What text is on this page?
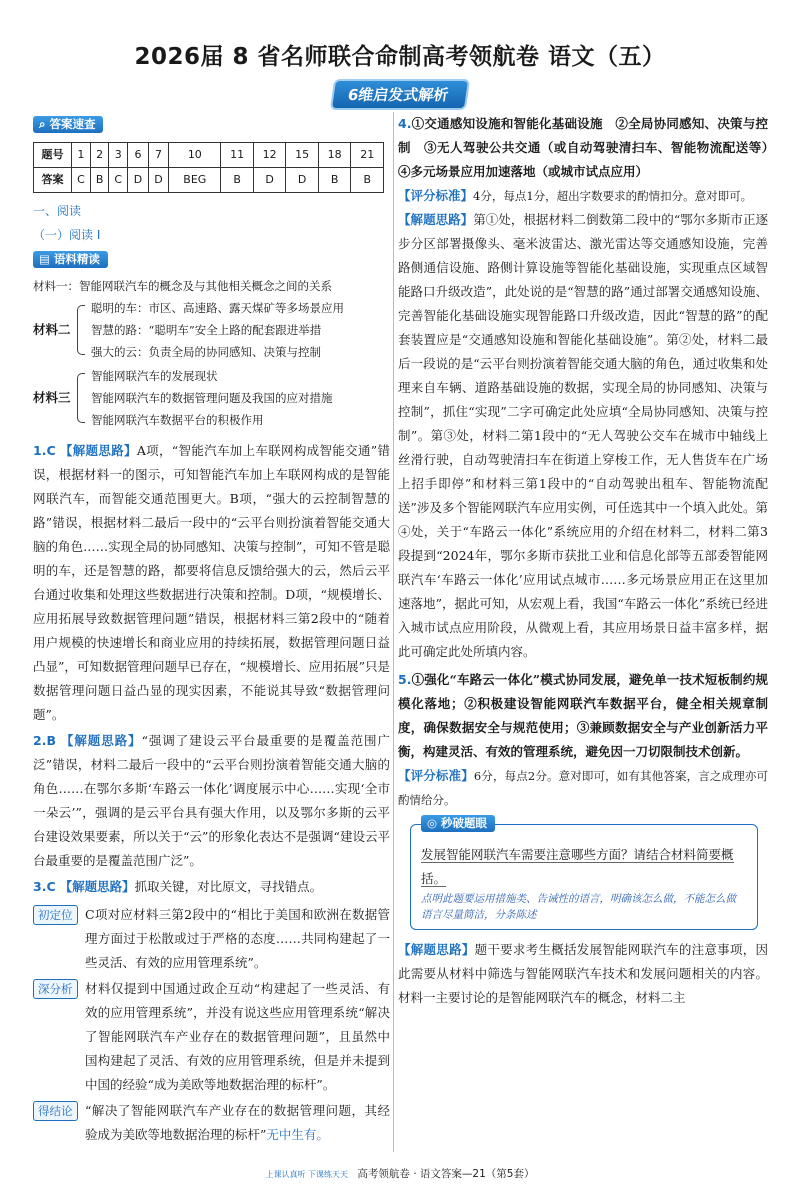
2026届 8 省名师联合命制高考领航卷 语文（五）
6维启发式解析
⌕ 答案速查
题号	1	2	3	6	7	10	11	12	15	18	21
答案	C	B	C	D	D	BEG	B	D	D	B	B
一、阅读
（一）阅读 Ⅰ
▤ 语料精读
材料一：智能网联汽车的概念及与其他相关概念之间的关系
材料二
聪明的车：市区、高速路、露天煤矿等多场景应用
智慧的路：“聪明车”安全上路的配套跟进举措
强大的云：负责全局的协同感知、决策与控制
材料三
智能网联汽车的发展现状
智能网联汽车的数据管理问题及我国的应对措施
智能网联汽车数据平台的积极作用

1.C 【解题思路】A项，“智能汽车加上车联网构成智能交通”错误，根据材料一的图示，可知智能汽车加上车联网构成的是智能网联汽车，而智能交通范围更大。B项，“强大的云控制智慧的路”错误，根据材料二最后一段中的“云平台则扮演着智能交通大脑的角色……实现全局的协同感知、决策与控制”，可知不管是聪明的车，还是智慧的路，都要将信息反馈给强大的云，然后云平台通过收集和处理这些数据进行决策和控制。D项，“规模增长、应用拓展导致数据管理问题”错误，根据材料三第2段中的“随着用户规模的快速增长和商业应用的持续拓展，数据管理问题日益凸显”，可知数据管理问题早已存在，“规模增长、应用拓展”只是数据管理问题日益凸显的现实因素，不能说其导致“数据管理问题”。

2.B 【解题思路】“强调了建设云平台最重要的是覆盖范围广泛”错误，材料二最后一段中的“云平台则扮演着智能交通大脑的角色……在鄂尔多斯‘车路云一体化’调度展示中心……实现‘全市一朵云’”，强调的是云平台具有强大作用，以及鄂尔多斯的云平台建设效果要素，所以关于“云”的形象化表达不是强调“建设云平台最重要的是覆盖范围广泛”。

3.C 【解题思路】抓取关键，对比原文，寻找错点。

初定位	C项对应材料三第2段中的“相比于美国和欧洲在数据管理方面过于松散或过于严格的态度……共同构建起了一些灵活、有效的应用管理系统”。
深分析	材料仅提到中国通过政企互动“构建起了一些灵活、有效的应用管理系统”，并没有说这些应用管理系统“解决了智能网联汽车产业存在的数据管理问题”，且虽然中国构建起了灵活、有效的应用管理系统，但是并未提到中国的经验“成为美欧等地数据治理的标杆”。
得结论	“解决了智能网联汽车产业存在的数据管理问题，其经验成为美欧等地数据治理的标杆”无中生有。

4.①交通感知设施和智能化基础设施　②全局协同感知、决策与控制　③无人驾驶公共交通（或自动驾驶清扫车、智能物流配送等）　④多元场景应用加速落地（或城市试点应用）

【评分标准】4分，每点1分，超出字数要求的酌情扣分。意对即可。

【解题思路】第①处，根据材料二倒数第二段中的“鄂尔多斯市正逐步分区部署摄像头、毫米波雷达、激光雷达等交通感知设施，完善路侧通信设施、路侧计算设施等智能化基础设施，实现重点区域智能路口升级改造”，此处说的是“智慧的路”通过部署交通感知设施、完善智能化基础设施实现智能路口升级改造，因此“智慧的路”的配套装置应是“交通感知设施和智能化基础设施”。第②处，材料二最后一段说的是“云平台则扮演着智能交通大脑的角色，通过收集和处理来自车辆、道路基础设施的数据，实现全局的协同感知、决策与控制”，抓住“实现”二字可确定此处应填“全局协同感知、决策与控制”。第③处，材料二第1段中的“无人驾驶公交车在城市中轴线上丝滑行驶，自动驾驶清扫车在街道上穿梭工作，无人售货车在广场上招手即停”和材料三第1段中的“自动驾驶出租车、智能物流配送”涉及多个智能网联汽车应用实例，可任选其中一个填入此处。第④处，关于“车路云一体化”系统应用的介绍在材料二，材料二第3段提到“2024年，鄂尔多斯市获批工业和信息化部等五部委智能网联汽车‘车路云一体化’应用试点城市……多元场景应用正在这里加速落地”，据此可知，从宏观上看，我国“车路云一体化”系统已经进入城市试点应用阶段，从微观上看，其应用场景日益丰富多样，据此可确定此处所填内容。

5.①强化“车路云一体化”模式协同发展，避免单一技术短板制约规模化落地；②积极建设智能网联汽车数据平台，健全相关规章制度，确保数据安全与规范使用；③兼顾数据安全与产业创新活力平衡，构建灵活、有效的管理系统，避免因一刀切限制技术创新。

【评分标准】6分，每点2分。意对即可，如有其他答案，言之成理亦可酌情给分。

◎ 秒破题眼
发展智能网联汽车需要注意哪些方面？请结合材料简要概括。
点明此题要运用措施类、告诫性的语言，明确该怎么做，不能怎么做
语言尽量简洁，分条陈述

【解题思路】题干要求考生概括发展智能网联汽车的注意事项，因此需要从材料中筛选与智能网联汽车技术和发展问题相关的内容。材料一主要讨论的是智能网联汽车的概念，材料二主

上课认真听 下课练天天 高考领航卷 · 语文答案—21（第5套）
